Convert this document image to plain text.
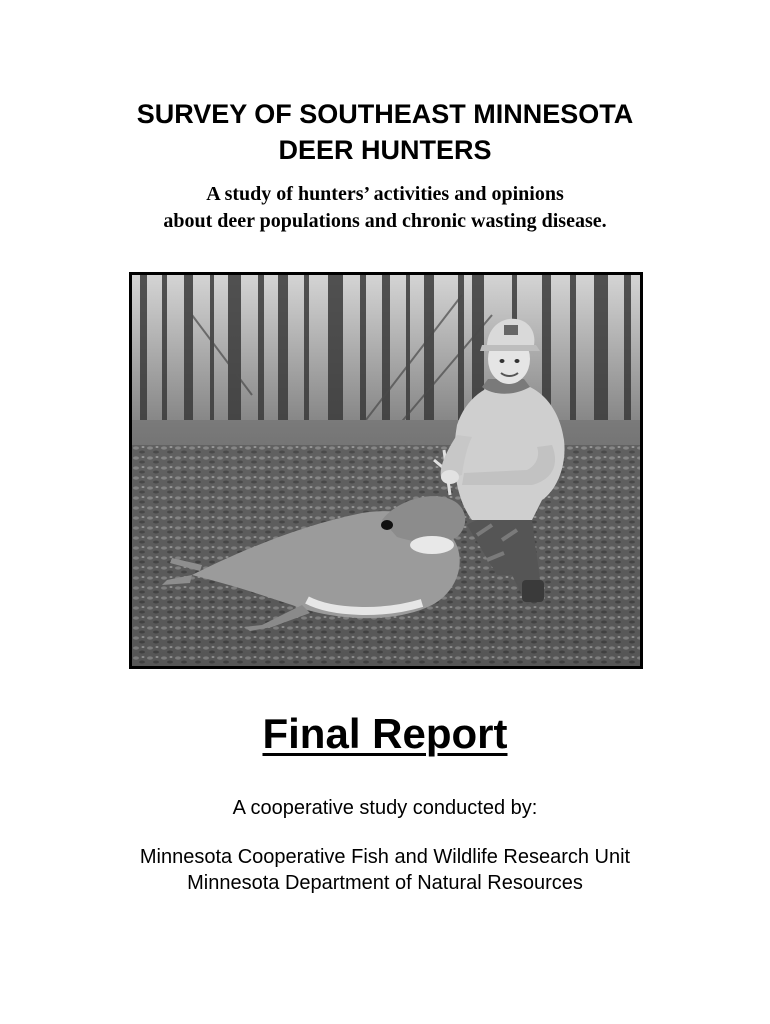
SURVEY OF SOUTHEAST MINNESOTA
DEER HUNTERS

A study of hunters’ activities and opinions
about deer populations and chronic wasting disease.

Final Report

A cooperative study conducted by:

Minnesota Cooperative Fish and Wildlife Research Unit
Minnesota Department of Natural Resources
